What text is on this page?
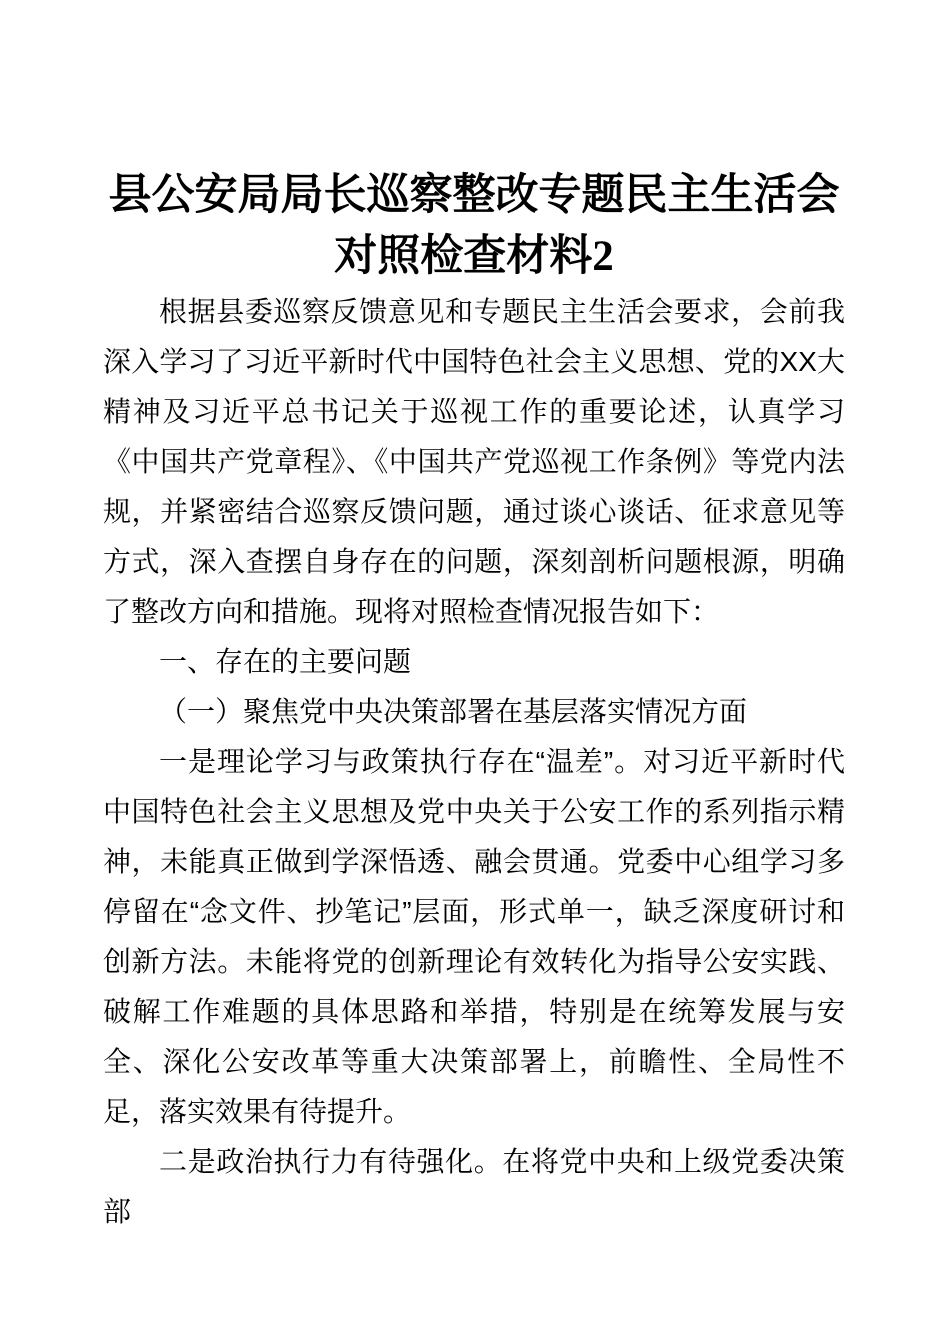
县公安局局长巡察整改专题民主生活会
对照检查材料2

根据县委巡察反馈意见和专题民主生活会要求，会前我深入学习了习近平新时代中国特色社会主义思想、党的XX大精神及习近平总书记关于巡视工作的重要论述，认真学习《中国共产党章程》、《中国共产党巡视工作条例》等党内法规，并紧密结合巡察反馈问题，通过谈心谈话、征求意见等方式，深入查摆自身存在的问题，深刻剖析问题根源，明确了整改方向和措施。现将对照检查情况报告如下：

一、存在的主要问题

（一）聚焦党中央决策部署在基层落实情况方面

一是理论学习与政策执行存在“温差”。对习近平新时代中国特色社会主义思想及党中央关于公安工作的系列指示精神，未能真正做到学深悟透、融会贯通。党委中心组学习多停留在“念文件、抄笔记”层面，形式单一，缺乏深度研讨和创新方法。未能将党的创新理论有效转化为指导公安实践、破解工作难题的具体思路和举措，特别是在统筹发展与安全、深化公安改革等重大决策部署上，前瞻性、全局性不足，落实效果有待提升。

二是政治执行力有待强化。在将党中央和上级党委决策部
